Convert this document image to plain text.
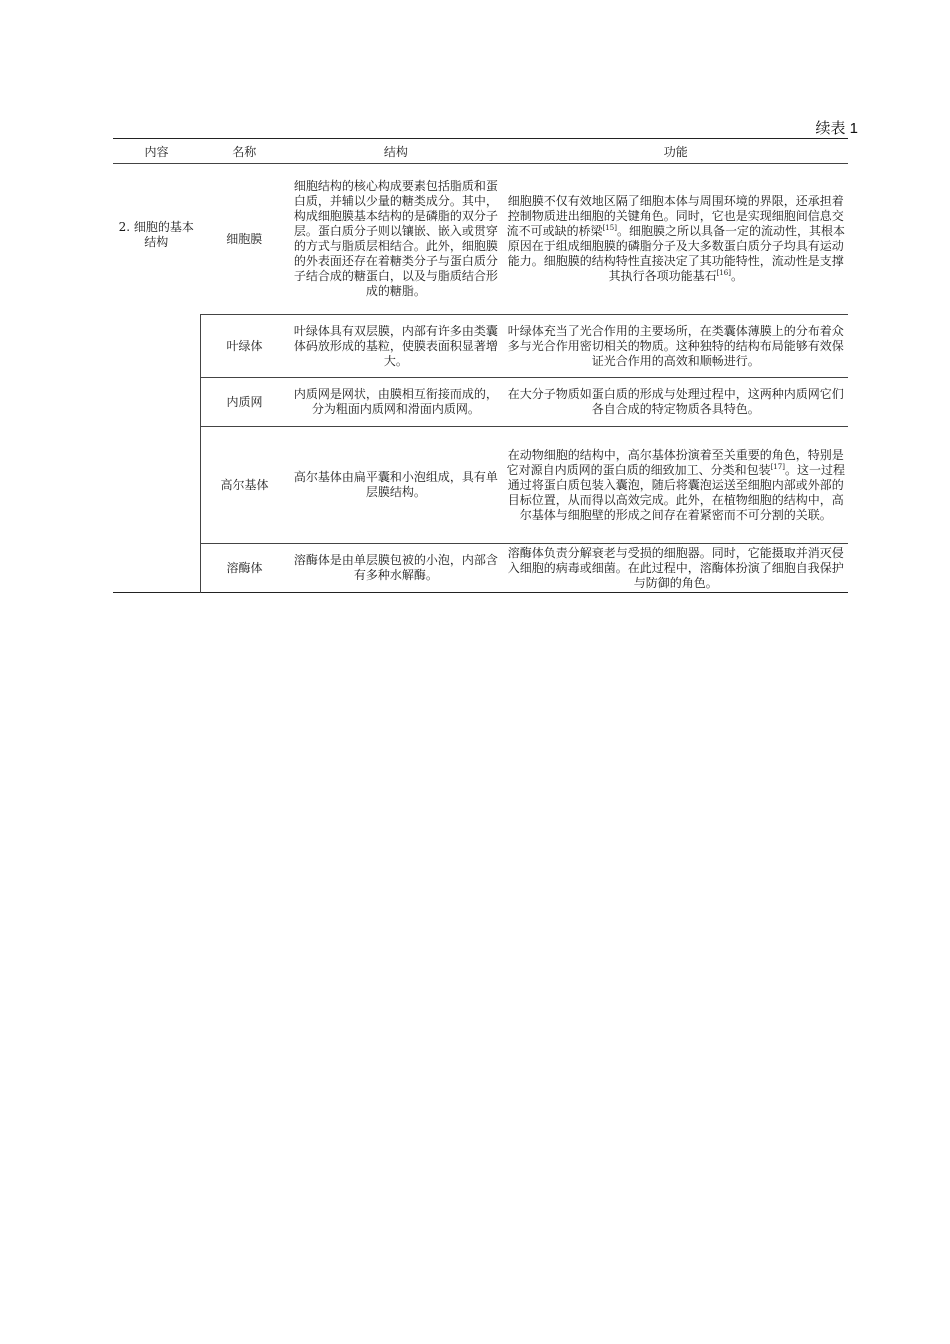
续表 1
内容	名称	结构	功能
2. 细胞的基本结构	细胞膜	细胞结构的核心构成要素包括脂质和蛋白质，并辅以少量的糖类成分。其中，构成细胞膜基本结构的是磷脂的双分子层。蛋白质分子则以镶嵌、嵌入或贯穿的方式与脂质层相结合。此外，细胞膜的外表面还存在着糖类分子与蛋白质分子结合成的糖蛋白，以及与脂质结合形成的糖脂。	细胞膜不仅有效地区隔了细胞本体与周围环境的界限，还承担着控制物质进出细胞的关键角色。同时，它也是实现细胞间信息交流不可或缺的桥梁[15]。细胞膜之所以具备一定的流动性，其根本原因在于组成细胞膜的磷脂分子及大多数蛋白质分子均具有运动能力。细胞膜的结构特性直接决定了其功能特性，流动性是支撑其执行各项功能基石[16]。
	叶绿体	叶绿体具有双层膜，内部有许多由类囊体码放形成的基粒，使膜表面积显著增大。	叶绿体充当了光合作用的主要场所，在类囊体薄膜上的分布着众多与光合作用密切相关的物质。这种独特的结构布局能够有效保证光合作用的高效和顺畅进行。
	内质网	内质网是网状，由膜相互衔接而成的，分为粗面内质网和滑面内质网。	在大分子物质如蛋白质的形成与处理过程中，这两种内质网它们各自合成的特定物质各具特色。
	高尔基体	高尔基体由扁平囊和小泡组成，具有单层膜结构。	在动物细胞的结构中，高尔基体扮演着至关重要的角色，特别是它对源自内质网的蛋白质的细致加工、分类和包装[17]。这一过程通过将蛋白质包装入囊泡，随后将囊泡运送至细胞内部或外部的目标位置，从而得以高效完成。此外，在植物细胞的结构中，高尔基体与细胞壁的形成之间存在着紧密而不可分割的关联。
	溶酶体	溶酶体是由单层膜包被的小泡，内部含有多种水解酶。	溶酶体负责分解衰老与受损的细胞器。同时，它能摄取并消灭侵入细胞的病毒或细菌。在此过程中，溶酶体扮演了细胞自我保护与防御的角色。
